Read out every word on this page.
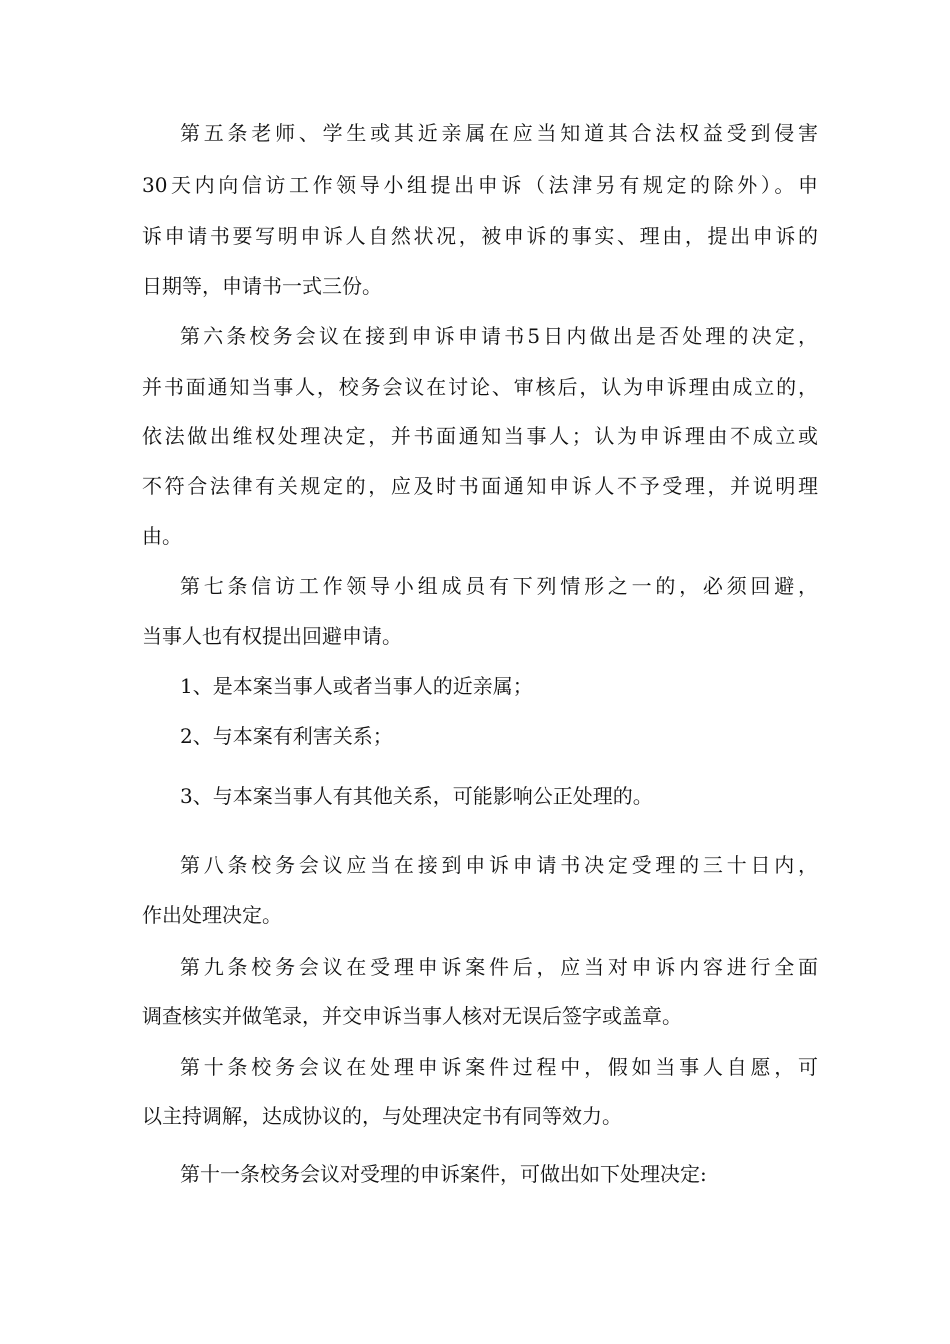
第五条老师、学生或其近亲属在应当知道其合法权益受到侵害
30天内向信访工作领导小组提出申诉（法津另有规定的除外）。申
诉申请书要写明申诉人自然状况，被申诉的事实、理由，提出申诉的
日期等，申请书一式三份。
第六条校务会议在接到申诉申请书5日内做出是否处理的决定，
并书面通知当事人，校务会议在讨论、审核后，认为申诉理由成立的，
依法做出维权处理决定，并书面通知当事人；认为申诉理由不成立或
不符合法律有关规定的，应及时书面通知申诉人不予受理，并说明理
由。
第七条信访工作领导小组成员有下列情形之一的，必须回避，
当事人也有权提出回避申请。
1、是本案当事人或者当事人的近亲属；
2、与本案有利害关系；
3、与本案当事人有其他关系，可能影响公正处理的。
第八条校务会议应当在接到申诉申请书决定受理的三十日内，
作出处理决定。
第九条校务会议在受理申诉案件后，应当对申诉内容进行全面
调查核实并做笔录，并交申诉当事人核对无误后签字或盖章。
第十条校务会议在处理申诉案件过程中，假如当事人自愿，可
以主持调解，达成协议的，与处理决定书有同等效力。
第十一条校务会议对受理的申诉案件，可做出如下处理决定:
